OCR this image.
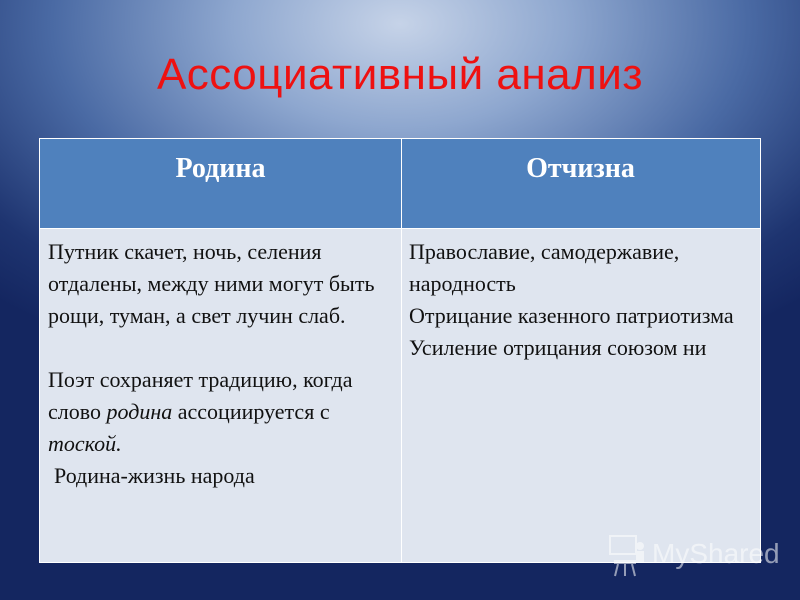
Ассоциативный анализ
Родина	Отчизна

Путник скачет, ночь, селения отдалены, между ними могут быть рощи, туман, а свет лучин слаб.

Поэт сохраняет традицию, когда слово родина ассоциируется с тоской.

Родина-жизнь народа

Православие, самодержавие, народность

Отрицание казенного патриотизма

Усиление отрицания союзом ни

MyShared
